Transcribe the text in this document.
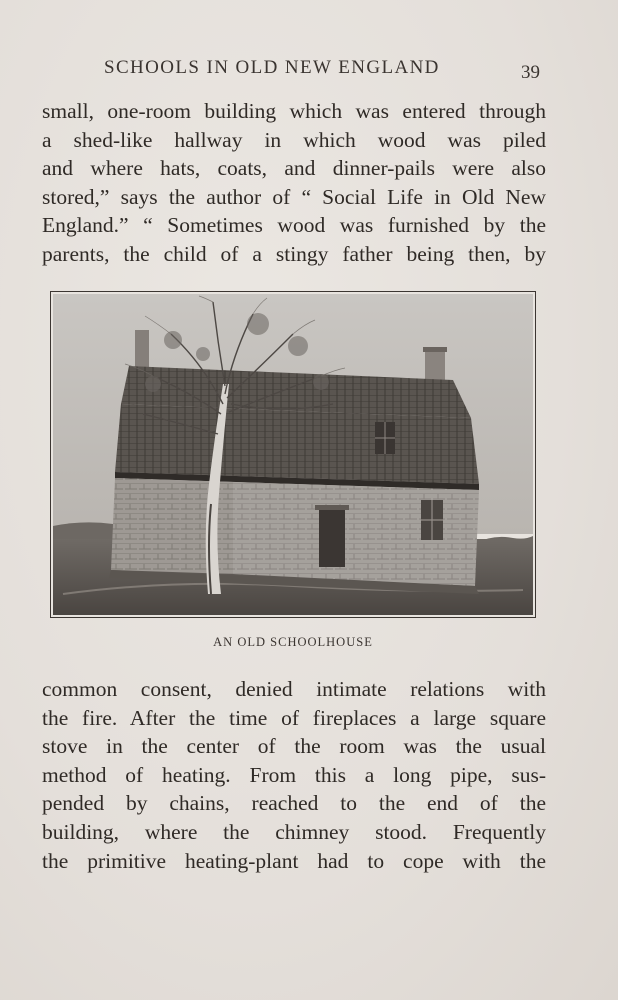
SCHOOLS IN OLD NEW ENGLAND	39
small, one-room building which was entered through
a shed-like hallway in which wood was piled
and where hats, coats, and dinner-pails were also
stored,” says the author of “ Social Life in Old New
England.” “ Sometimes wood was furnished by the
parents, the child of a stingy father being then, by
AN OLD SCHOOLHOUSE
common consent, denied intimate relations with
the fire. After the time of fireplaces a large square
stove in the center of the room was the usual
method of heating. From this a long pipe, sus-
pended by chains, reached to the end of the
building, where the chimney stood. Frequently
the primitive heating-plant had to cope with the
